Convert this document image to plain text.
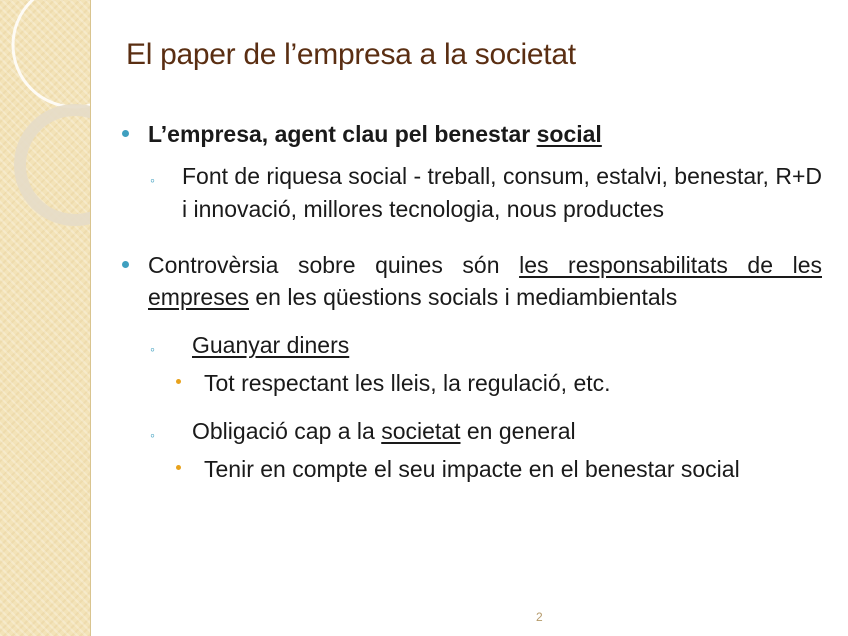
El paper de l’empresa a la societat
L’empresa, agent clau pel benestar social
◦ Font de riquesa social - treball, consum, estalvi, benestar, R+D i innovació, millores tecnologia, nous productes
Controvèrsia sobre quines són les responsabilitats de les empreses en les qüestions socials i mediambientals
◦ Guanyar diners
Tot respectant les lleis, la regulació, etc.
◦ Obligació cap a la societat en general
Tenir en compte el seu impacte en el benestar social
2
